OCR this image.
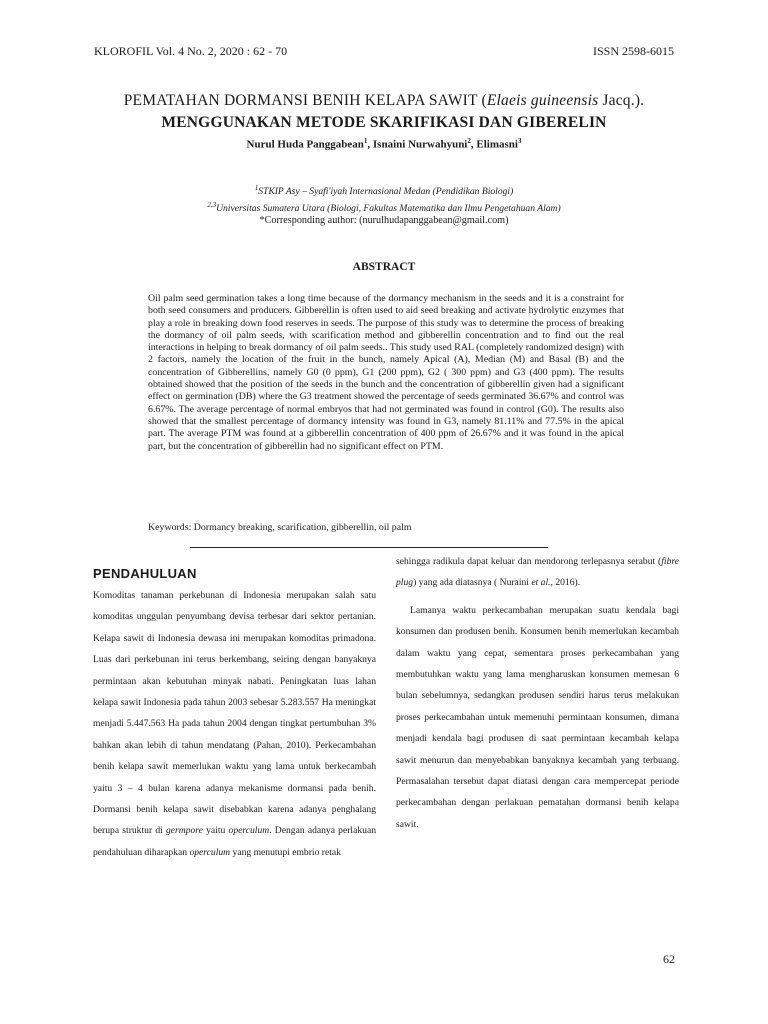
KLOROFIL Vol. 4 No. 2, 2020 : 62 - 70	ISSN 2598-6015
PEMATAHAN DORMANSI BENIH KELAPA SAWIT (Elaeis guineensis Jacq.).
MENGGUNAKAN METODE SKARIFIKASI DAN GIBERELIN
Nurul Huda Panggabean$^1$, Isnaini Nurwahyuni$^2$, Elimasni$^3$
$^1$STKIP Asy – Syafi'iyah Internasional Medan (Pendidikan Biologi)
$^{2,3}$Universitas Sumatera Utara (Biologi, Fakultas Matematika dan Ilmu Pengetahuan Alam)
*Corresponding author: (nurulhudapanggabean@gmail.com)
ABSTRACT

Oil palm seed germination takes a long time because of the dormancy mechanism in the seeds and it is a constraint for both seed consumers and producers. Gibberellin is often used to aid seed breaking and activate hydrolytic enzymes that play a role in breaking down food reserves in seeds. The purpose of this study was to determine the process of breaking the dormancy of oil palm seeds, with scarification method and gibberellin concentration and to find out the real interactions in helping to break dormancy of oil palm seeds.. This study used RAL (completely randomized design) with 2 factors, namely the location of the fruit in the bunch, namely Apical (A), Median (M) and Basal (B) and the concentration of Gibberellins, namely G0 (0 ppm), G1 (200 ppm), G2 ( 300 ppm) and G3 (400 ppm). The results obtained showed that the position of the seeds in the bunch and the concentration of gibberellin given had a significant effect on germination (DB) where the G3 treatment showed the percentage of seeds germinated 36.67% and control was 6.67%. The average percentage of normal embryos that had not germinated was found in control (G0). The results also showed that the smallest percentage of dormancy intensity was found in G3, namely 81.11% and 77.5% in the apical part. The average PTM was found at a gibberellin concentration of 400 ppm of 26.67% and it was found in the apical part, but the concentration of gibberellin had no significant effect on PTM.

Keywords: Dormancy breaking, scarification, gibberellin, oil palm
PENDAHULUAN

Komoditas tanaman perkebunan di Indonesia merupakan salah satu komoditas unggulan penyumbang devisa terbesar dari sektor pertanian. Kelapa sawit di Indonesia dewasa ini merupakan komoditas primadona. Luas dari perkebunan ini terus berkembang, seiring dengan banyaknya permintaan akan kebutuhan minyak nabati. Peningkatan luas lahan kelapa sawit Indonesia pada tahun 2003 sebesar 5.283.557 Ha meningkat menjadi 5.447.563 Ha pada tahun 2004 dengan tingkat pertumbuhan 3% bahkan akan lebih di tahun mendatang (Pahan, 2010). Perkecambahan benih kelapa sawit memerlukan waktu yang lama untuk berkecambah yaitu 3 – 4 bulan karena adanya mekanisme dormansi pada benih. Dormansi benih kelapa sawit disebabkan karena adanya penghalang berupa struktur di germpore yaitu operculum. Dengan adanya perlakuan pendahuluan diharapkan operculum yang menutupi embrio retak

sehingga radikula dapat keluar dan mendorong terlepasnya serabut (fibre plug) yang ada diatasnya ( Nuraini et al., 2016).

Lamanya waktu perkecambahan merupakan suatu kendala bagi konsumen dan produsen benih. Konsumen benih memerlukan kecambah dalam waktu yang cepat, sementara proses perkecambahan yang membutuhkan waktu yang lama mengharuskan konsumen memesan 6 bulan sebelumnya, sedangkan produsen sendiri harus terus melakukan proses perkecambahan untuk memenuhi permintaan konsumen, dimana menjadi kendala bagi produsen di saat permintaan kecambah kelapa sawit menurun dan menyebabkan banyaknya kecambah yang terbuang. Permasalahan tersebut dapat diatasi dengan cara mempercepat periode perkecambahan dengan perlakuan pematahan dormansi benih kelapa sawit.

62
